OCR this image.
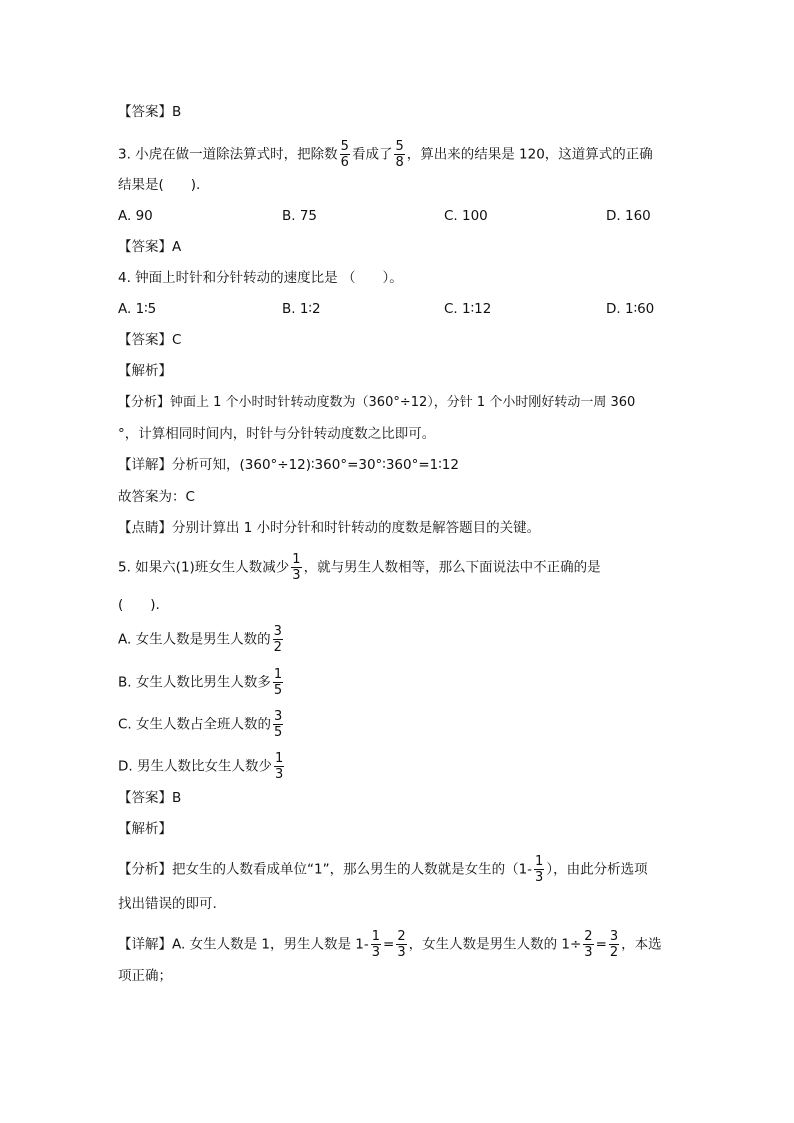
【答案】B
3. 小虎在做一道除法算式时，把除数 $\frac{5}{6}$ 看成了 $\frac{5}{8}$ ，算出来的结果是 120，这道算式的正确
结果是(　　).
A. 90	B. 75	C. 100	D. 160
【答案】A
4. 钟面上时针和分针转动的速度比是 （　　）。
A. 1∶5	B. 1∶2	C. 1∶12	D. 1∶60
【答案】C
【解析】
【分析】钟面上 1 个小时时针转动度数为（360°÷12），分针 1 个小时刚好转动一周 360
°，计算相同时间内，时针与分针转动度数之比即可。
【详解】分析可知，(360°÷12)∶360°=30°∶360°=1∶12
故答案为：C
【点睛】分别计算出 1 小时分针和时针转动的度数是解答题目的关键。
5. 如果六(1)班女生人数减少 $\frac{1}{3}$ ，就与男生人数相等，那么下面说法中不正确的是
(　　).
A. 女生人数是男生人数的 $\frac{3}{2}$
B. 女生人数比男生人数多 $\frac{1}{5}$
C. 女生人数占全班人数的 $\frac{3}{5}$
D. 男生人数比女生人数少 $\frac{1}{3}$
【答案】B
【解析】
【分析】把女生的人数看成单位“1”，那么男生的人数就是女生的（$1- \frac{1}{3}$ ），由此分析选项
找出错误的即可.
【详解】A. 女生人数是 1，男生人数是 $1- \frac{1}{3} = \frac{2}{3}$ ，女生人数是男生人数的 $1\div \frac{2}{3} = \frac{3}{2}$ ，本选
项正确；
